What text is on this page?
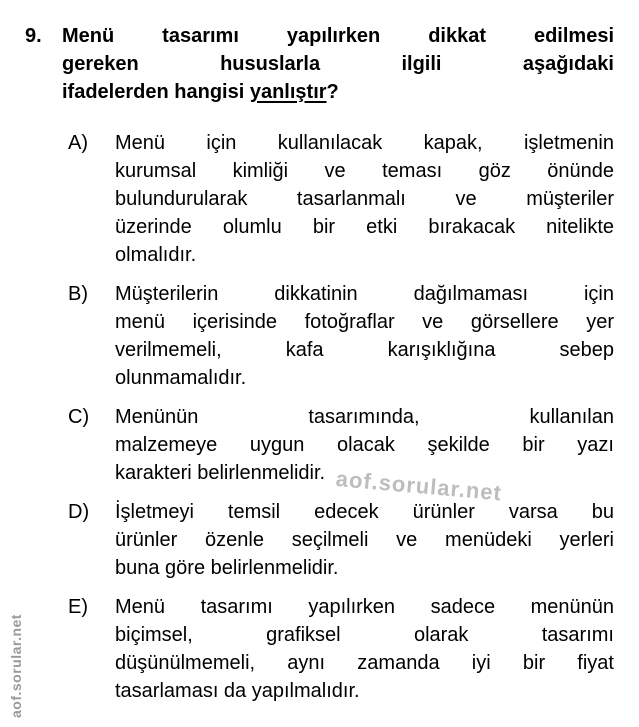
aof.sorular.net
aof.sorular.net
9.	Menü tasarımı yapılırken dikkat edilmesi
gereken hususlarla ilgili aşağıdaki
ifadelerden hangisi yanlıştır?
A)	Menü için kullanılacak kapak, işletmenin
kurumsal kimliği ve teması göz önünde
bulundurularak tasarlanmalı ve müşteriler
üzerinde olumlu bir etki bırakacak nitelikte
olmalıdır.
B)	Müşterilerin dikkatinin dağılmaması için
menü içerisinde fotoğraflar ve görsellere yer
verilmemeli, kafa karışıklığına sebep
olunmamalıdır.
C)	Menünün tasarımında, kullanılan
malzemeye uygun olacak şekilde bir yazı
karakteri belirlenmelidir.
D)	İşletmeyi temsil edecek ürünler varsa bu
ürünler özenle seçilmeli ve menüdeki yerleri
buna göre belirlenmelidir.
E)	Menü tasarımı yapılırken sadece menünün
biçimsel, grafiksel olarak tasarımı
düşünülmemeli, aynı zamanda iyi bir fiyat
tasarlaması da yapılmalıdır.
